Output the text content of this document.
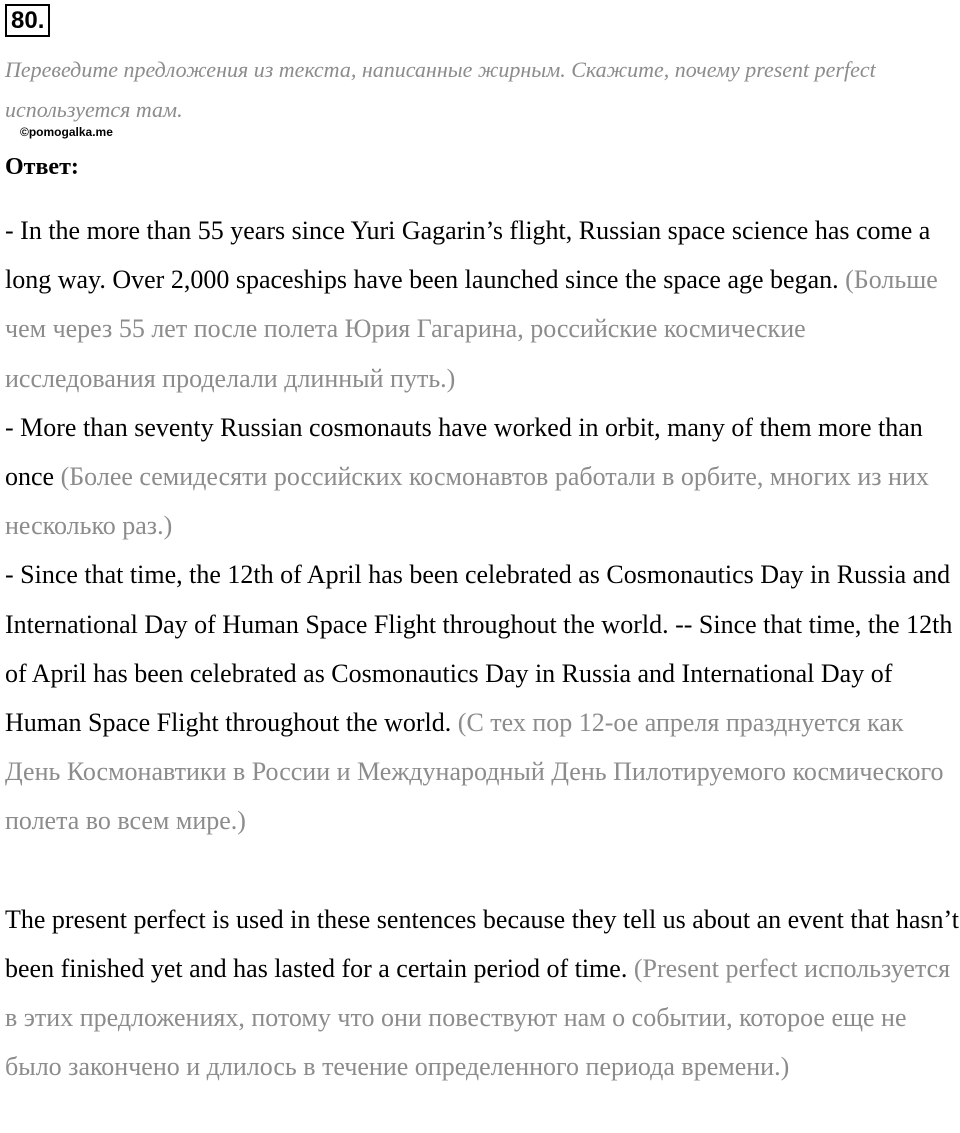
80.
Переведите предложения из текста, написанные жирным. Скажите, почему present perfect используется там.
©pomogalka.me
Ответ:

- In the more than 55 years since Yuri Gagarin’s flight, Russian space science has come a long way. Over 2,000 spaceships have been launched since the space age began. (Больше чем через 55 лет после полета Юрия Гагарина, российские космические исследования проделали длинный путь.)

- More than seventy Russian cosmonauts have worked in orbit, many of them more than once (Более семидесяти российских космонавтов работали в орбите, многих из них несколько раз.)

- Since that time, the 12th of April has been celebrated as Cosmonautics Day in Russia and International Day of Human Space Flight throughout the world. -- Since that time, the 12th of April has been celebrated as Cosmonautics Day in Russia and International Day of Human Space Flight throughout the world. (С тех пор 12-ое апреля празднуется как День Космонавтики в России и Международный День Пилотируемого космического полета во всем мире.)

The present perfect is used in these sentences because they tell us about an event that hasn’t been finished yet and has lasted for a certain period of time. (Present perfect используется в этих предложениях, потому что они повествуют нам о событии, которое еще не было закончено и длилось в течение определенного периода времени.)
